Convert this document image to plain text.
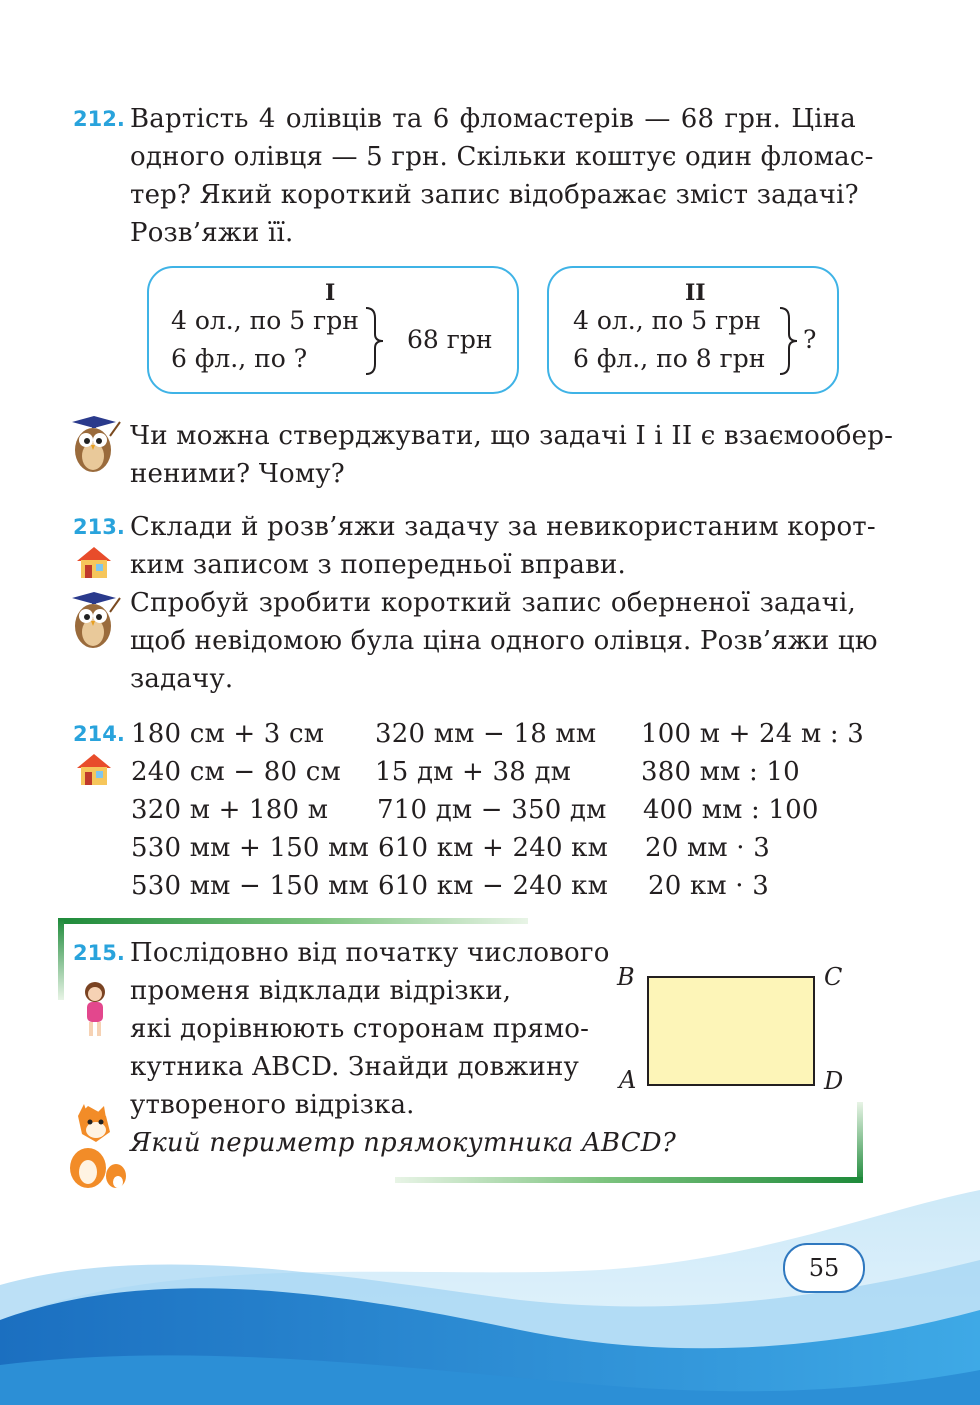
212. Вартість 4 олівців та 6 фломастерів — 68 грн. Ціна
одного олівця — 5 грн. Скільки коштує один фломас-
тер? Який короткий запис відображає зміст задачі?
Розв’яжи її.
І
4 ол., по 5 грн
6 фл., по ?
68 грн
ІІ
4 ол., по 5 грн
6 фл., по 8 грн
?
Чи можна стверджувати, що задачі І і ІІ є взаємообер-
неними? Чому?
213. Склади й розв’яжи задачу за невикористаним корот-
ким записом з попередньої вправи.
Спробуй зробити короткий запис оберненої задачі,
щоб невідомою була ціна одного олівця. Розв’яжи цю
задачу.
214. 180 см + 3 см
240 см − 80 см
320 м + 180 м
530 мм + 150 мм
530 мм − 150 мм
320 мм − 18 мм
15 дм + 38 дм
710 дм − 350 дм
610 км + 240 км
610 км − 240 км
100 м + 24 м : 3
380 мм : 10
400 мм : 100
20 мм · 3
20 км · 3
215. Послідовно від початку числового
променя відклади відрізки,
які дорівнюють сторонам прямо-
кутника ABCD. Знайди довжину
утвореного відрізка.
Який периметр прямокутника ABCD?
B	C
A	D
55
